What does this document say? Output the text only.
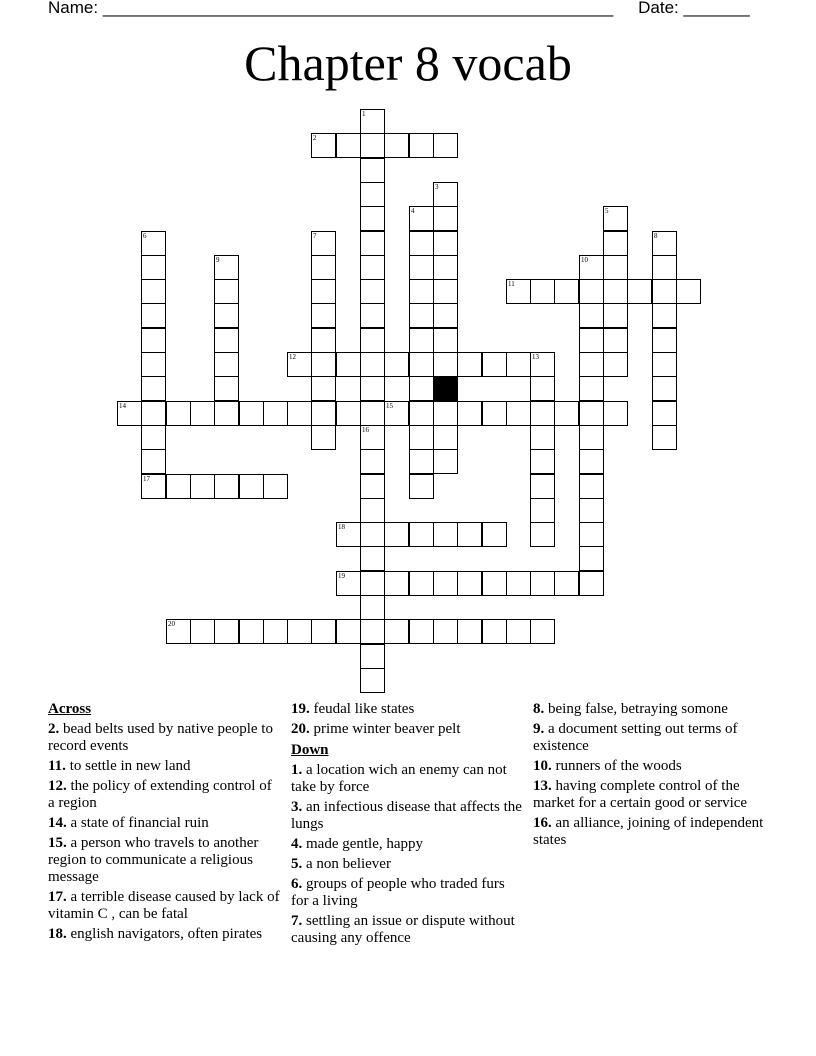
Name: ______________________________________________________ Date: _______
Chapter 8 vocab
1
16
2
3
4	5
6
17
7	8
9	10
11
12	13
14	15
18
19
20
Across
2. bead belts used by native people to record events
11. to settle in new land
12. the policy of extending control of a region
14. a state of financial ruin
15. a person who travels to another region to communicate a religious message
17. a terrible disease caused by lack of vitamin C , can be fatal
18. english navigators, often pirates
19. feudal like states
20. prime winter beaver pelt
Down
1. a location wich an enemy can not take by force
3. an infectious disease that affects the lungs
4. made gentle, happy
5. a non believer
6. groups of people who traded furs for a living
7. settling an issue or dispute without causing any offence
8. being false, betraying somone
9. a document setting out terms of existence
10. runners of the woods
13. having complete control of the market for a certain good or service
16. an alliance, joining of independent states
